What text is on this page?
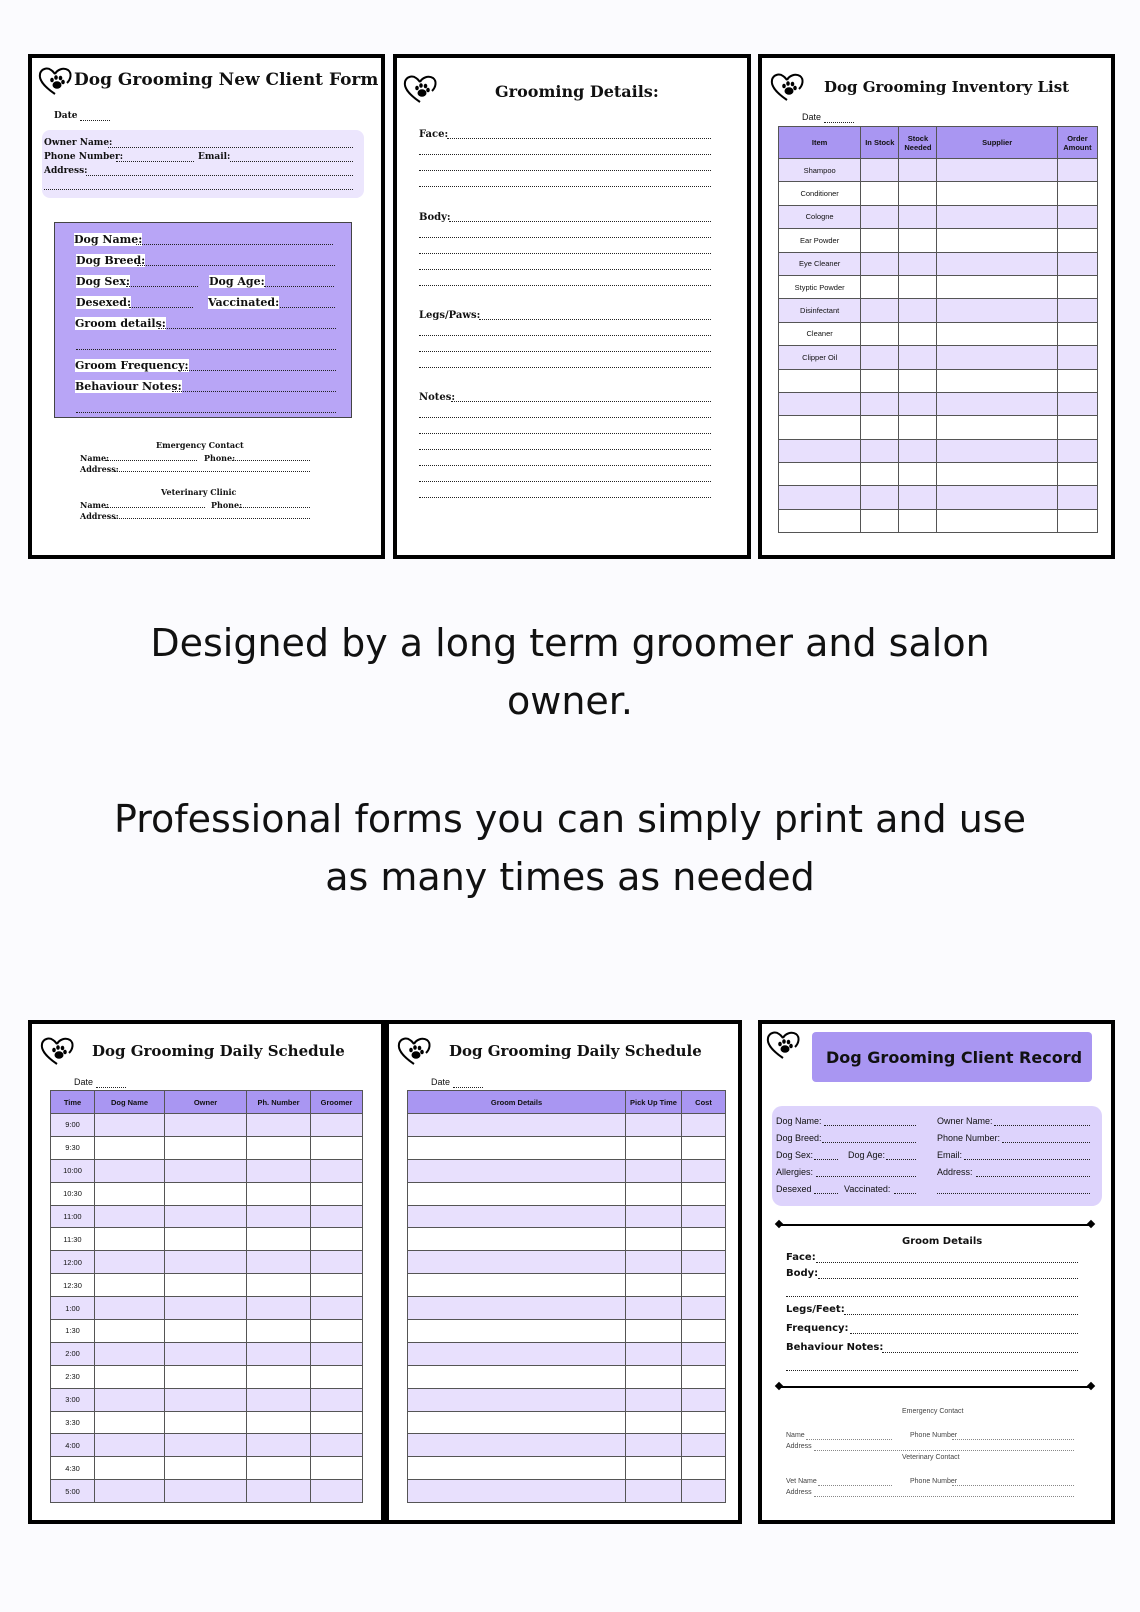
Dog Grooming New Client Form
Date
Owner Name:
Phone Number:	Email:
Address:
Dog Name:
Dog Breed:
Dog Sex:	Dog Age:
Desexed:	Vaccinated:
Groom details:
Groom Frequency:
Behaviour Notes:
Emergency Contact
Name:	Phone:
Address:
Veterinary Clinic
Name:	Phone:
Address:
Grooming Details:
Face:
Body:
Legs/Paws:
Notes:
Dog Grooming Inventory List
Date
Item	In Stock	Stock Needed	Supplier	Order Amount
Shampoo				
Conditioner				
Cologne				
Ear Powder				
Eye Cleaner				
Styptic Powder				
Disinfectant				
Cleaner				
Clipper Oil				

Designed by a long term groomer and salon
owner.
Professional forms you can simply print and use
as many times as needed
Dog Grooming Daily Schedule
Date
Time	Dog Name	Owner	Ph. Number	Groomer
9:00				
9:30				
10:00				
10:30				
11:00				
11:30				
12:00				
12:30				
1:00				
1:30				
2:00				
2:30				
3:00				
3:30				
4:00				
4:30				
5:00				
Dog Grooming Daily Schedule
Date
Groom Details	Pick Up Time	Cost

Dog Grooming Client Record
Dog Name:
Dog Breed:
Dog Sex:	Dog Age:
Allergies:
Desexed	Vaccinated:
Owner Name:
Phone Number:
Email:
Address:
Groom Details
Face:
Body:
Legs/Feet:
Frequency:
Behaviour Notes:
Emergency Contact
Name	Phone Number
Address
Veterinary Contact
Vet Name	Phone Number
Address
